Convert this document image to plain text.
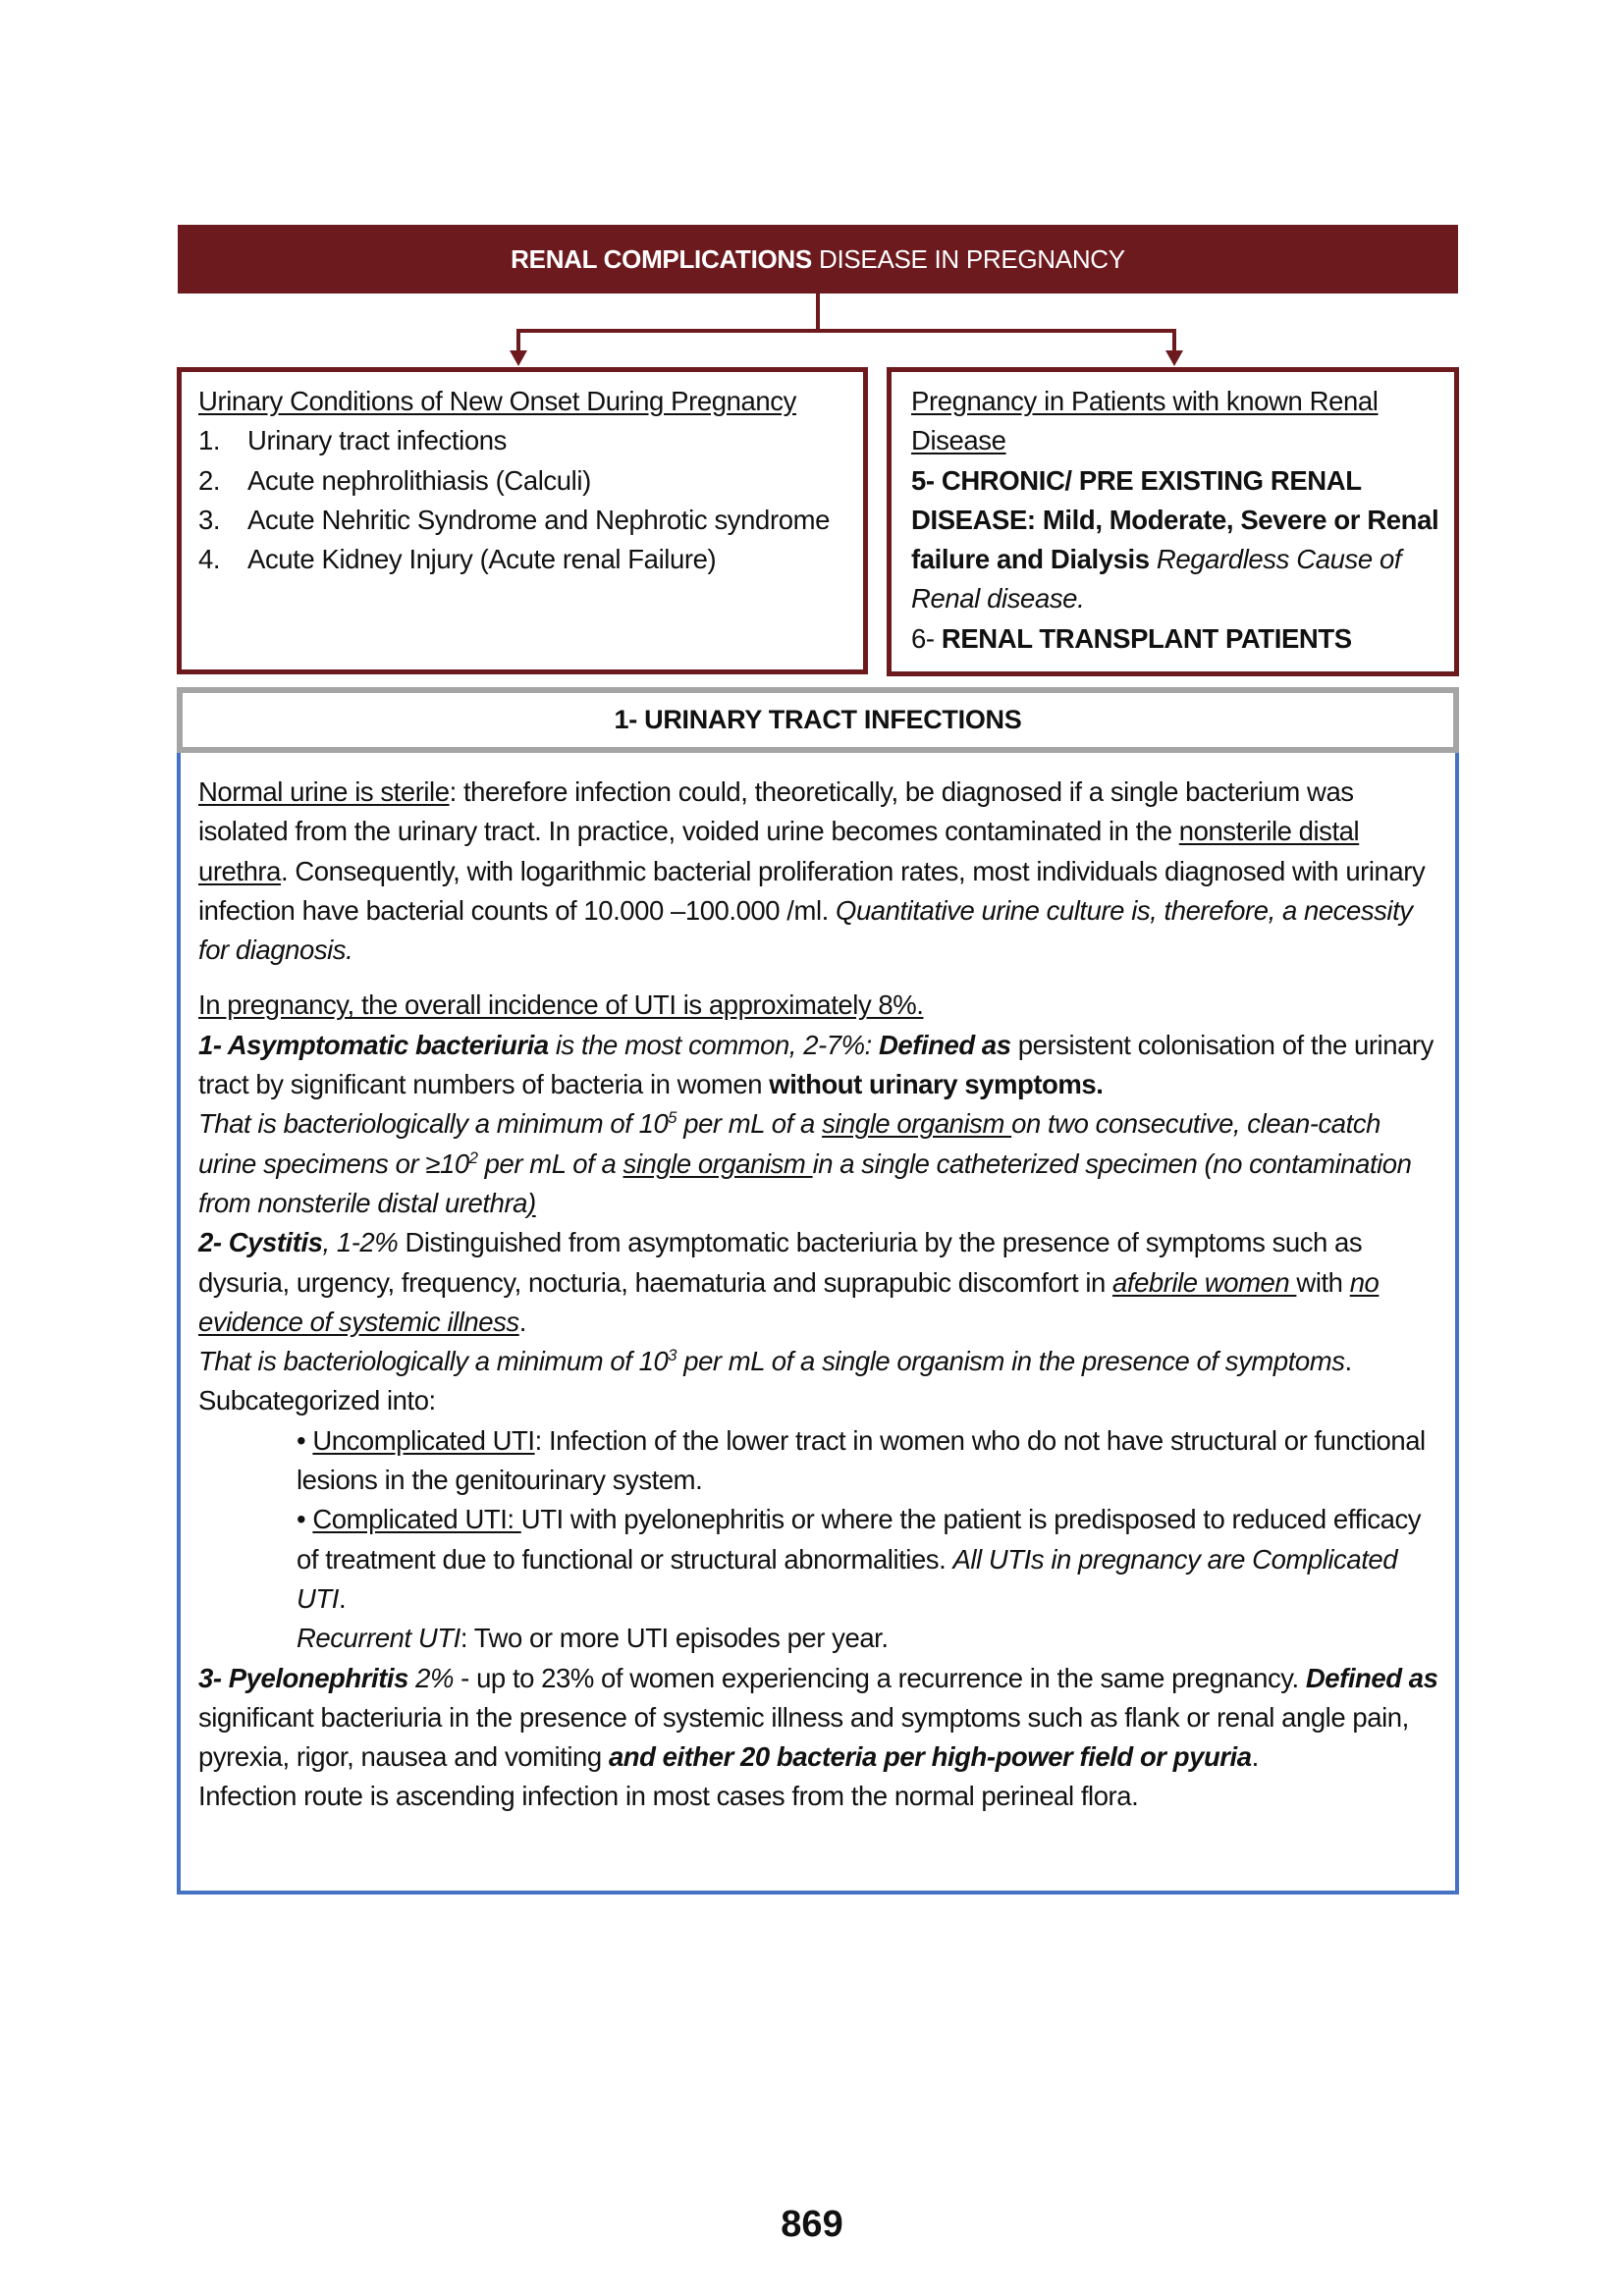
RENAL COMPLICATIONS DISEASE IN PREGNANCY
Urinary Conditions of New Onset During Pregnancy
1. Urinary tract infections
2. Acute nephrolithiasis (Calculi)
3. Acute Nehritic Syndrome and Nephrotic syndrome
4. Acute Kidney Injury (Acute renal Failure)
Pregnancy in Patients with known Renal Disease
5- CHRONIC/ PRE EXISTING RENAL DISEASE: Mild, Moderate, Severe or Renal failure and Dialysis Regardless Cause of Renal disease.
6- RENAL TRANSPLANT PATIENTS
1- URINARY TRACT INFECTIONS

Normal urine is sterile: therefore infection could, theoretically, be diagnosed if a single bacterium was isolated from the urinary tract. In practice, voided urine becomes contaminated in the nonsterile distal urethra. Consequently, with logarithmic bacterial proliferation rates, most individuals diagnosed with urinary infection have bacterial counts of 10.000 –100.000 /ml. Quantitative urine culture is, therefore, a necessity for diagnosis.

In pregnancy, the overall incidence of UTI is approximately 8%.

1- Asymptomatic bacteriuria is the most common, 2-7%: Defined as persistent colonisation of the urinary tract by significant numbers of bacteria in women without urinary symptoms.
That is bacteriologically a minimum of $10^5$ per mL of a single organism on two consecutive, clean-catch urine specimens or $\ge 10^2$ per mL of a single organism in a single catheterized specimen (no contamination from nonsterile distal urethra)

2- Cystitis, 1-2% Distinguished from asymptomatic bacteriuria by the presence of symptoms such as dysuria, urgency, frequency, nocturia, haematuria and suprapubic discomfort in afebrile women with no evidence of systemic illness.
That is bacteriologically a minimum of $10^3$ per mL of a single organism in the presence of symptoms.
Subcategorized into:

• Uncomplicated UTI: Infection of the lower tract in women who do not have structural or functional lesions in the genitourinary system.
• Complicated UTI: UTI with pyelonephritis or where the patient is predisposed to reduced efficacy of treatment due to functional or structural abnormalities. All UTIs in pregnancy are Complicated UTI.
Recurrent UTI: Two or more UTI episodes per year.

3- Pyelonephritis 2% - up to 23% of women experiencing a recurrence in the same pregnancy. Defined as significant bacteriuria in the presence of systemic illness and symptoms such as flank or renal angle pain, pyrexia, rigor, nausea and vomiting and either 20 bacteria per high-power field or pyuria.

Infection route is ascending infection in most cases from the normal perineal flora.

869
